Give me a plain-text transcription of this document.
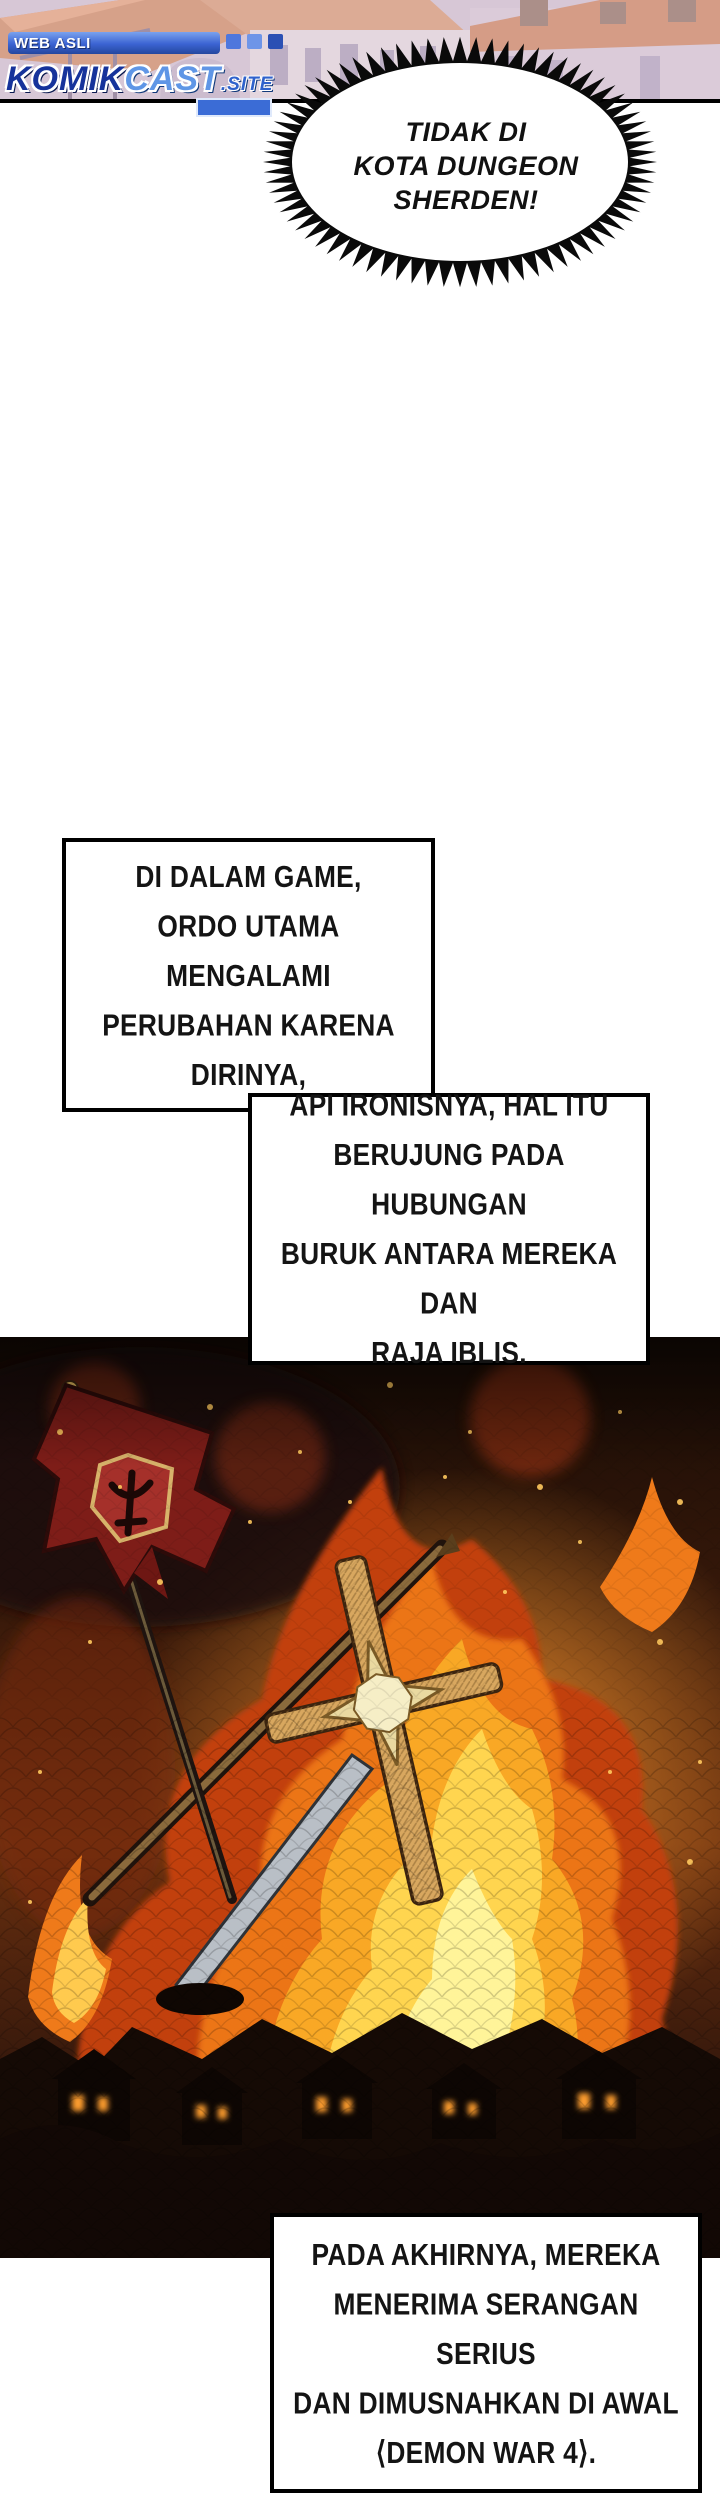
WEB ASLI
KOMIKCAST.SITE
TIDAK DI
KOTA DUNGEON
SHERDEN!
DI DALAM GAME,
ORDO UTAMA MENGALAMI
PERUBAHAN KARENA
DIRINYA,
API IRONISNYA, HAL ITU
BERUJUNG PADA HUBUNGAN
BURUK ANTARA MEREKA DAN
RAJA IBLIS.
PADA AKHIRNYA, MEREKA
MENERIMA SERANGAN SERIUS
DAN DIMUSNAHKAN DI AWAL
⟨DEMON WAR 4⟩.
